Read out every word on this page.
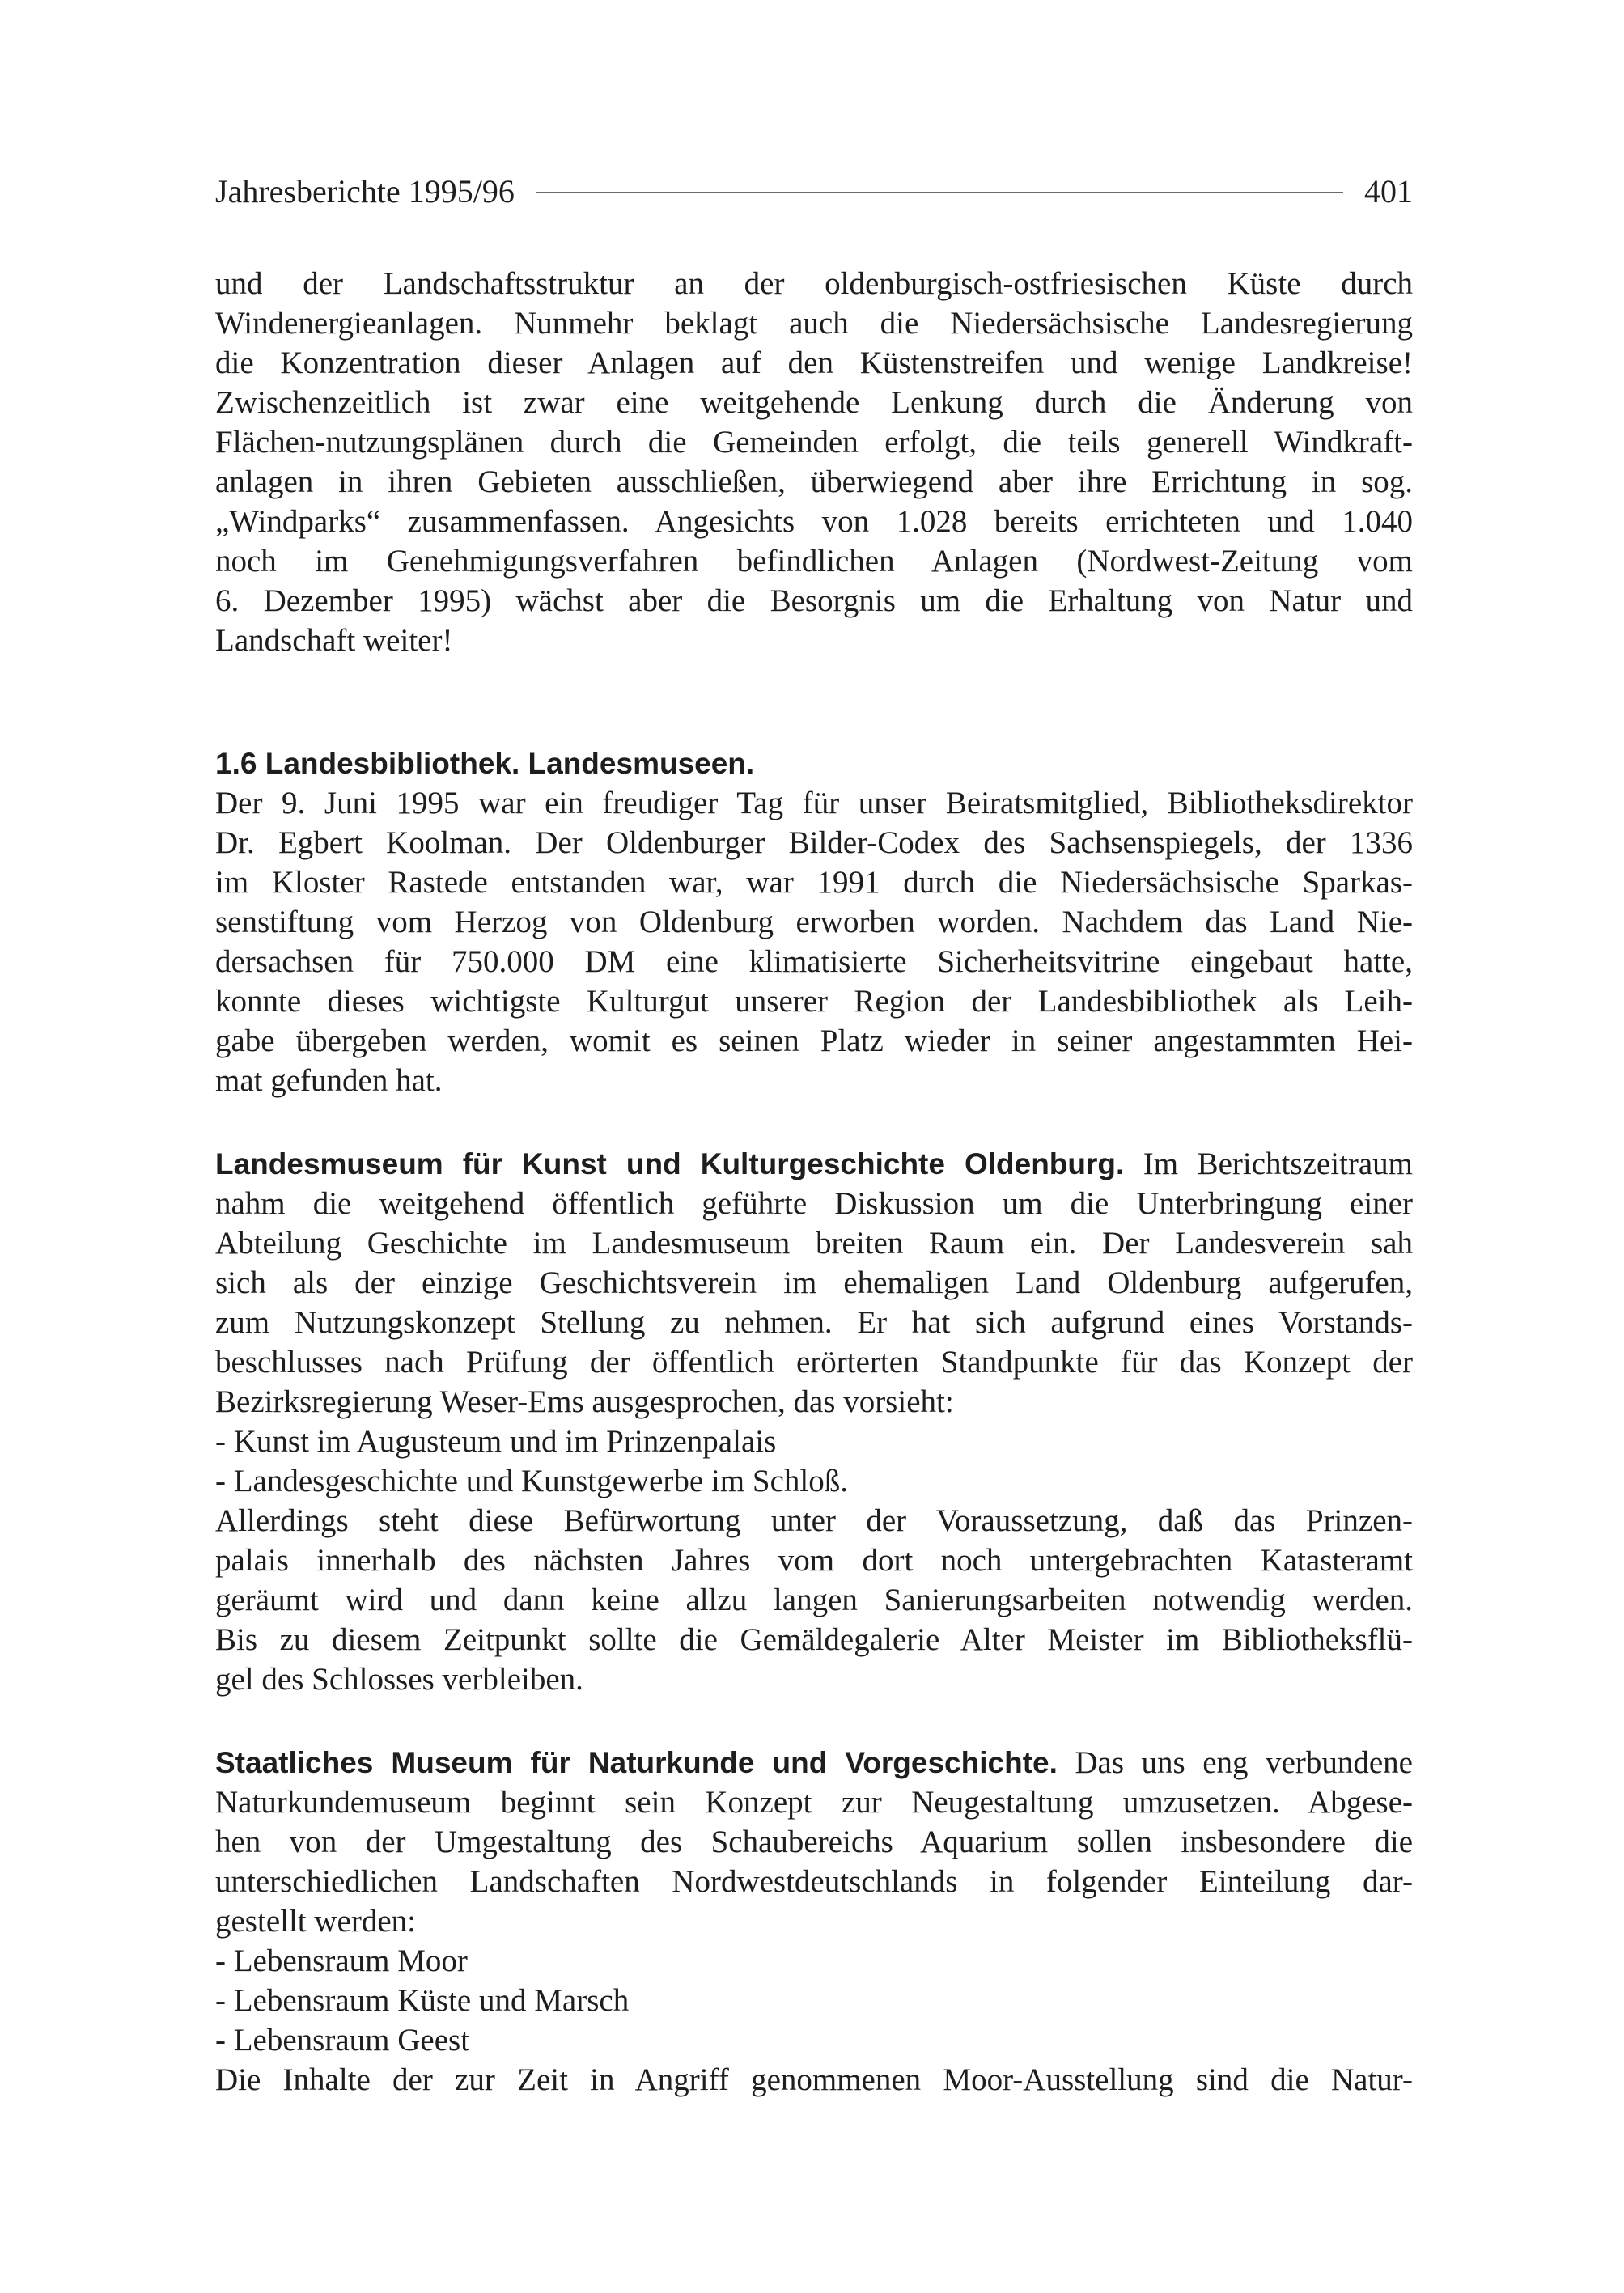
Jahresberichte 1995/96	401
und der Landschaftsstruktur an der oldenburgisch-ostfriesischen Küste durch
Windenergieanlagen. Nunmehr beklagt auch die Niedersächsische Landesregierung
die Konzentration dieser Anlagen auf den Küstenstreifen und wenige Landkreise!
Zwischenzeitlich ist zwar eine weitgehende Lenkung durch die Änderung von
Flächen-nutzungsplänen durch die Gemeinden erfolgt, die teils generell Windkraft-
anlagen in ihren Gebieten ausschließen, überwiegend aber ihre Errichtung in sog.
„Windparks“ zusammenfassen. Angesichts von 1.028 bereits errichteten und 1.040
noch im Genehmigungsverfahren befindlichen Anlagen (Nordwest-Zeitung vom
6. Dezember 1995) wächst aber die Besorgnis um die Erhaltung von Natur und
Landschaft weiter!
1.6 Landesbibliothek. Landesmuseen.
Der 9. Juni 1995 war ein freudiger Tag für unser Beiratsmitglied, Bibliotheksdirektor
Dr. Egbert Koolman. Der Oldenburger Bilder-Codex des Sachsenspiegels, der 1336
im Kloster Rastede entstanden war, war 1991 durch die Niedersächsische Sparkas-
senstiftung vom Herzog von Oldenburg erworben worden. Nachdem das Land Nie-
dersachsen für 750.000 DM eine klimatisierte Sicherheitsvitrine eingebaut hatte,
konnte dieses wichtigste Kulturgut unserer Region der Landesbibliothek als Leih-
gabe übergeben werden, womit es seinen Platz wieder in seiner angestammten Hei-
mat gefunden hat.
Landesmuseum für Kunst und Kulturgeschichte Oldenburg. Im Berichtszeitraum
nahm die weitgehend öffentlich geführte Diskussion um die Unterbringung einer
Abteilung Geschichte im Landesmuseum breiten Raum ein. Der Landesverein sah
sich als der einzige Geschichtsverein im ehemaligen Land Oldenburg aufgerufen,
zum Nutzungskonzept Stellung zu nehmen. Er hat sich aufgrund eines Vorstands-
beschlusses nach Prüfung der öffentlich erörterten Standpunkte für das Konzept der
Bezirksregierung Weser-Ems ausgesprochen, das vorsieht:
- Kunst im Augusteum und im Prinzenpalais
- Landesgeschichte und Kunstgewerbe im Schloß.
Allerdings steht diese Befürwortung unter der Voraussetzung, daß das Prinzen-
palais innerhalb des nächsten Jahres vom dort noch untergebrachten Katasteramt
geräumt wird und dann keine allzu langen Sanierungsarbeiten notwendig werden.
Bis zu diesem Zeitpunkt sollte die Gemäldegalerie Alter Meister im Bibliotheksflü-
gel des Schlosses verbleiben.
Staatliches Museum für Naturkunde und Vorgeschichte. Das uns eng verbundene
Naturkundemuseum beginnt sein Konzept zur Neugestaltung umzusetzen. Abgese-
hen von der Umgestaltung des Schaubereichs Aquarium sollen insbesondere die
unterschiedlichen Landschaften Nordwestdeutschlands in folgender Einteilung dar-
gestellt werden:
- Lebensraum Moor
- Lebensraum Küste und Marsch
- Lebensraum Geest
Die Inhalte der zur Zeit in Angriff genommenen Moor-Ausstellung sind die Natur-
